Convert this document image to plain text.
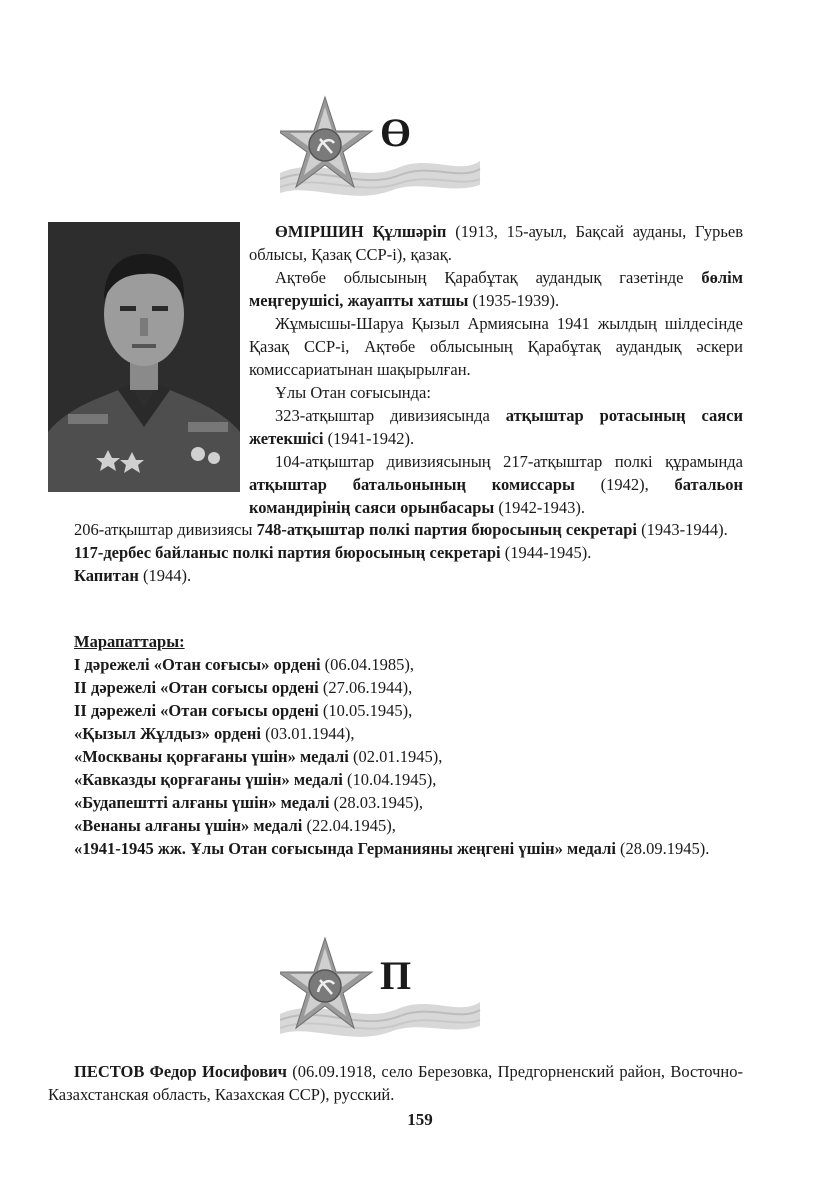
Ө

ӨМІРШИН Құлшәріп (1913, 15-ауыл, Бақсай ауданы, Гурьев облысы, Қазақ ССР-і), қазақ.

Ақтөбе облысының Қарабұтақ аудандық газетінде бөлім меңгерушісі, жауапты хатшы (1935-1939).

Жұмысшы-Шаруа Қызыл Армиясына 1941 жылдың шілдесінде Қазақ ССР-і, Ақтөбе облысының Қарабұтақ аудандық әскери комиссариатынан шақырылған.

Ұлы Отан соғысында:

323-атқыштар дивизиясында атқыштар ротасының саяси жетекшісі (1941-1942).

104-атқыштар дивизиясының 217-атқыштар полкі құрамында атқыштар батальонының комиссары (1942), батальон командирінің саяси орынбасары (1942-1943).

206-атқыштар дивизиясы 748-атқыштар полкі партия бюросының секретарі (1943-1944).

117-дербес байланыс полкі партия бюросының секретарі (1944-1945).

Капитан (1944).

Марапаттары:

І дәрежелі «Отан соғысы» ордені (06.04.1985),

ІІ дәрежелі «Отан соғысы ордені (27.06.1944),

ІІ дәрежелі «Отан соғысы ордені (10.05.1945),

«Қызыл Жұлдыз» ордені (03.01.1944),

«Москваны қорғағаны үшін» медалі (02.01.1945),

«Кавказды қорғағаны үшін» медалі (10.04.1945),

«Будапештті алғаны үшін» медалі (28.03.1945),

«Венаны алғаны үшін» медалі (22.04.1945),

«1941-1945 жж. Ұлы Отан соғысында Германияны жеңгені үшін» медалі (28.09.1945).

П

ПЕСТОВ Федор Иосифович (06.09.1918, село Березовка, Предгорненский район, Восточно-Казахстанская область, Казахская ССР), русский.

159
